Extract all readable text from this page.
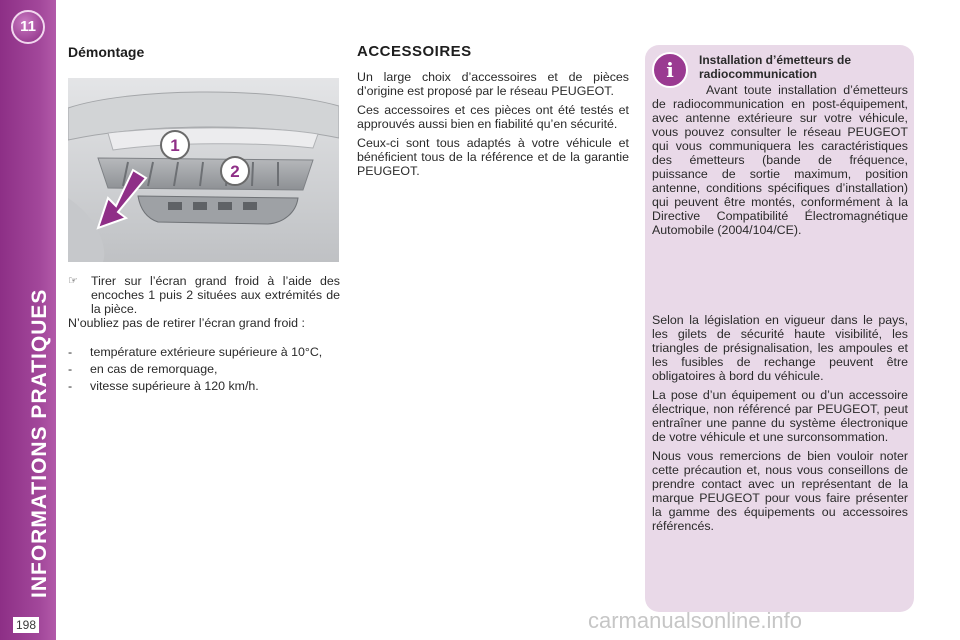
11
INFORMATIONS PRATIQUES
198
Démontage
1
2
☞ Tirer sur l’écran grand froid à l’aide des encoches 1 puis 2 situées aux extrémités de la pièce.

N’oubliez pas de retirer l’écran grand froid :

- température extérieure supérieure à 10°C,
- en cas de remorquage,
- vitesse supérieure à 120 km/h.
ACCESSOIRES

Un large choix d’accessoires et de pièces d’origine est proposé par le réseau PEUGEOT.

Ces accessoires et ces pièces ont été testés et approuvés aussi bien en fiabilité qu’en sécurité.

Ceux-ci sont tous adaptés à votre véhicule et bénéficient tous de la référence et de la garantie PEUGEOT.

i	Installation d’émetteurs de radiocommunication

Avant toute installation d’émetteurs de radiocommunication en post-équipement, avec antenne extérieure sur votre véhicule, vous pouvez consulter le réseau PEUGEOT qui vous communiquera les caractéristiques des émetteurs (bande de fréquence, puissance de sortie maximum, position antenne, conditions spécifiques d’installation) qui peuvent être montés, conformément à la Directive Compatibilité Électromagnétique Automobile (2004/104/CE).

Selon la législation en vigueur dans le pays, les gilets de sécurité haute visibilité, les triangles de présignalisation, les ampoules et les fusibles de rechange peuvent être obligatoires à bord du véhicule.

La pose d’un équipement ou d’un accessoire électrique, non référencé par PEUGEOT, peut entraîner une panne du système électronique de votre véhicule et une surconsommation.

Nous vous remercions de bien vouloir noter cette précaution et, nous vous conseillons de prendre contact avec un représentant de la marque PEUGEOT pour vous faire présenter la gamme des équipements ou accessoires référencés.

carmanualsonline.info
